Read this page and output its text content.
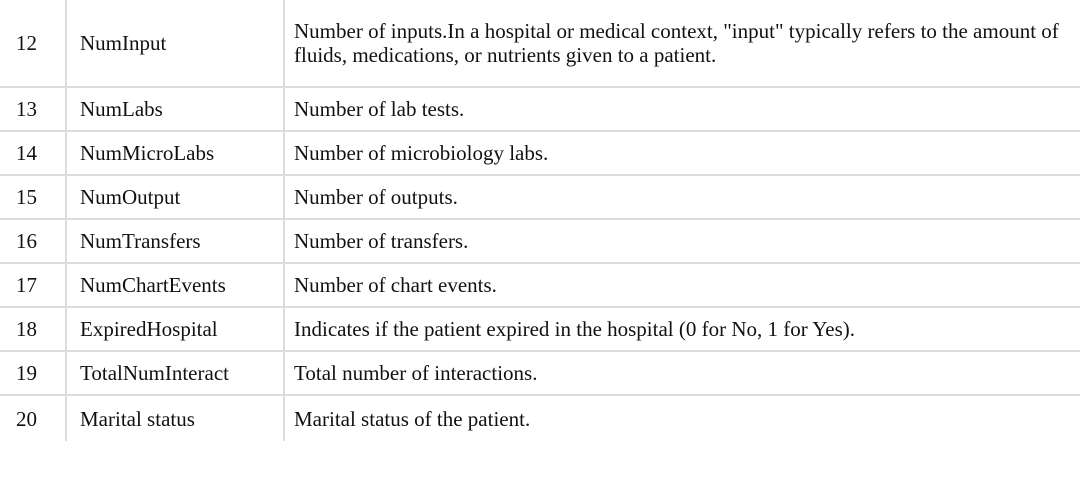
12	NumInput	Number of inputs.In a hospital or medical context, "input" typically refers to the amount of fluids, medications, or nutrients given to a patient.
13	NumLabs	Number of lab tests.
14	NumMicroLabs	Number of microbiology labs.
15	NumOutput	Number of outputs.
16	NumTransfers	Number of transfers.
17	NumChartEvents	Number of chart events.
18	ExpiredHospital	Indicates if the patient expired in the hospital (0 for No, 1 for Yes).
19	TotalNumInteract	Total number of interactions.
20	Marital status	Marital status of the patient.
